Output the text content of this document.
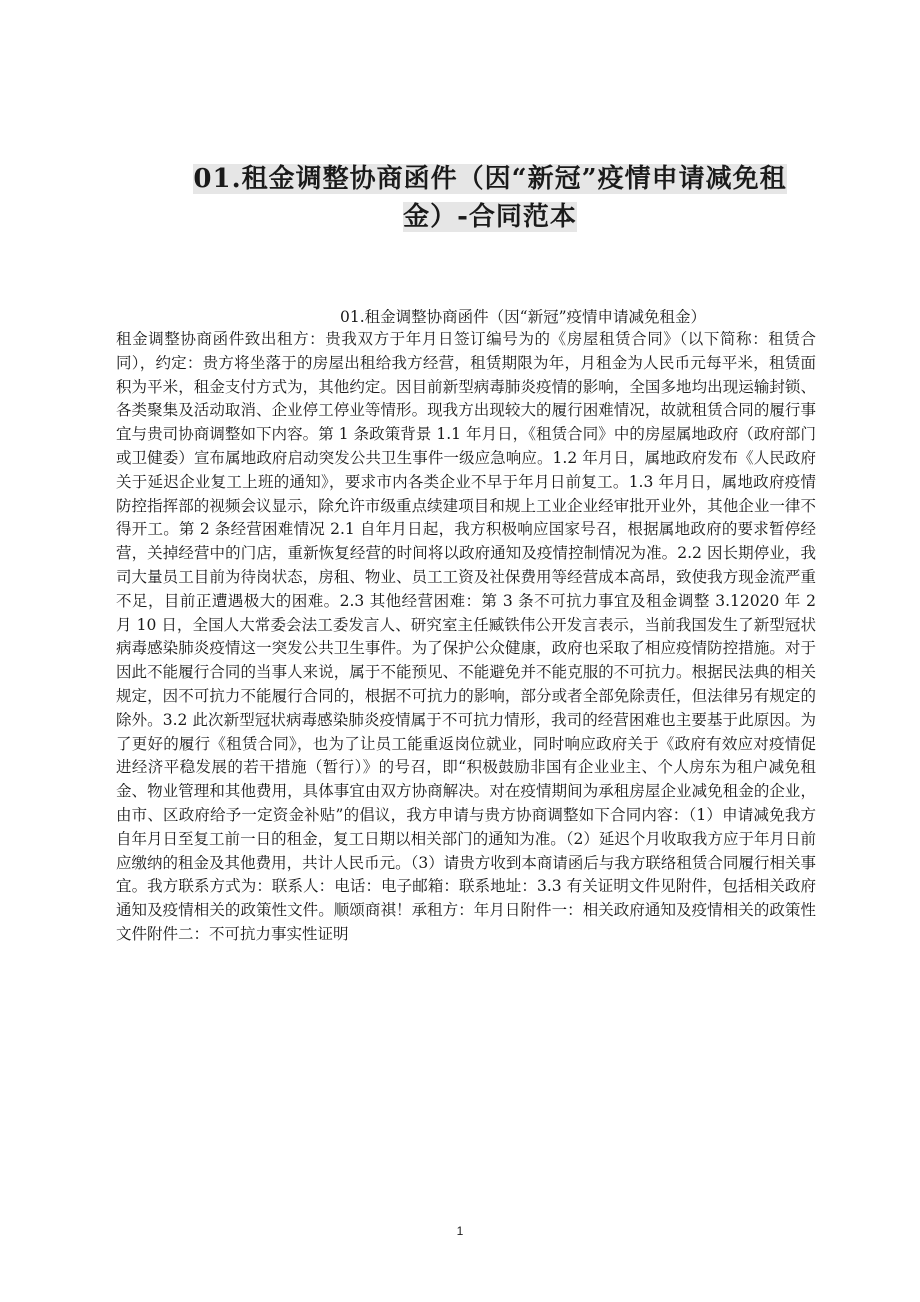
01.租金调整协商函件（因“新冠”疫情申请减免租金）-合同范本
01.租金调整协商函件（因“新冠”疫情申请减免租金）
租金调整协商函件致出租方：贵我双方于年月日签订编号为的《房屋租赁合同》（以下简称：租赁合同），约定：贵方将坐落于的房屋出租给我方经营，租赁期限为年，月租金为人民币元每平米，租赁面积为平米，租金支付方式为，其他约定。因目前新型病毒肺炎疫情的影响，全国多地均出现运输封锁、各类聚集及活动取消、企业停工停业等情形。现我方出现较大的履行困难情况，故就租赁合同的履行事宜与贵司协商调整如下内容。第 1 条政策背景 1.1 年月日，《租赁合同》中的房屋属地政府（政府部门或卫健委）宣布属地政府启动突发公共卫生事件一级应急响应。1.2 年月日，属地政府发布《人民政府关于延迟企业复工上班的通知》，要求市内各类企业不早于年月日前复工。1.3 年月日，属地政府疫情防控指挥部的视频会议显示，除允许市级重点续建项目和规上工业企业经审批开业外，其他企业一律不得开工。第 2 条经营困难情况 2.1 自年月日起，我方积极响应国家号召，根据属地政府的要求暂停经营，关掉经营中的门店，重新恢复经营的时间将以政府通知及疫情控制情况为准。2.2 因长期停业，我司大量员工目前为待岗状态，房租、物业、员工工资及社保费用等经营成本高昂，致使我方现金流严重不足，目前正遭遇极大的困难。2.3 其他经营困难：第 3 条不可抗力事宜及租金调整 3.12020 年 2 月 10 日，全国人大常委会法工委发言人、研究室主任臧铁伟公开发言表示，当前我国发生了新型冠状病毒感染肺炎疫情这一突发公共卫生事件。为了保护公众健康，政府也采取了相应疫情防控措施。对于因此不能履行合同的当事人来说，属于不能预见、不能避免并不能克服的不可抗力。根据民法典的相关规定，因不可抗力不能履行合同的，根据不可抗力的影响，部分或者全部免除责任，但法律另有规定的除外。3.2 此次新型冠状病毒感染肺炎疫情属于不可抗力情形，我司的经营困难也主要基于此原因。为了更好的履行《租赁合同》，也为了让员工能重返岗位就业，同时响应政府关于《政府有效应对疫情促进经济平稳发展的若干措施（暂行）》的号召，即“积极鼓励非国有企业业主、个人房东为租户减免租金、物业管理和其他费用，具体事宜由双方协商解决。对在疫情期间为承租房屋企业减免租金的企业，由市、区政府给予一定资金补贴”的倡议，我方申请与贵方协商调整如下合同内容：（1）申请减免我方自年月日至复工前一日的租金，复工日期以相关部门的通知为准。（2）延迟个月收取我方应于年月日前应缴纳的租金及其他费用，共计人民币元。（3）请贵方收到本商请函后与我方联络租赁合同履行相关事宜。我方联系方式为：联系人：电话：电子邮箱：联系地址：3.3 有关证明文件见附件，包括相关政府通知及疫情相关的政策性文件。顺颂商祺！承租方：年月日附件一：相关政府通知及疫情相关的政策性文件附件二：不可抗力事实性证明
1
